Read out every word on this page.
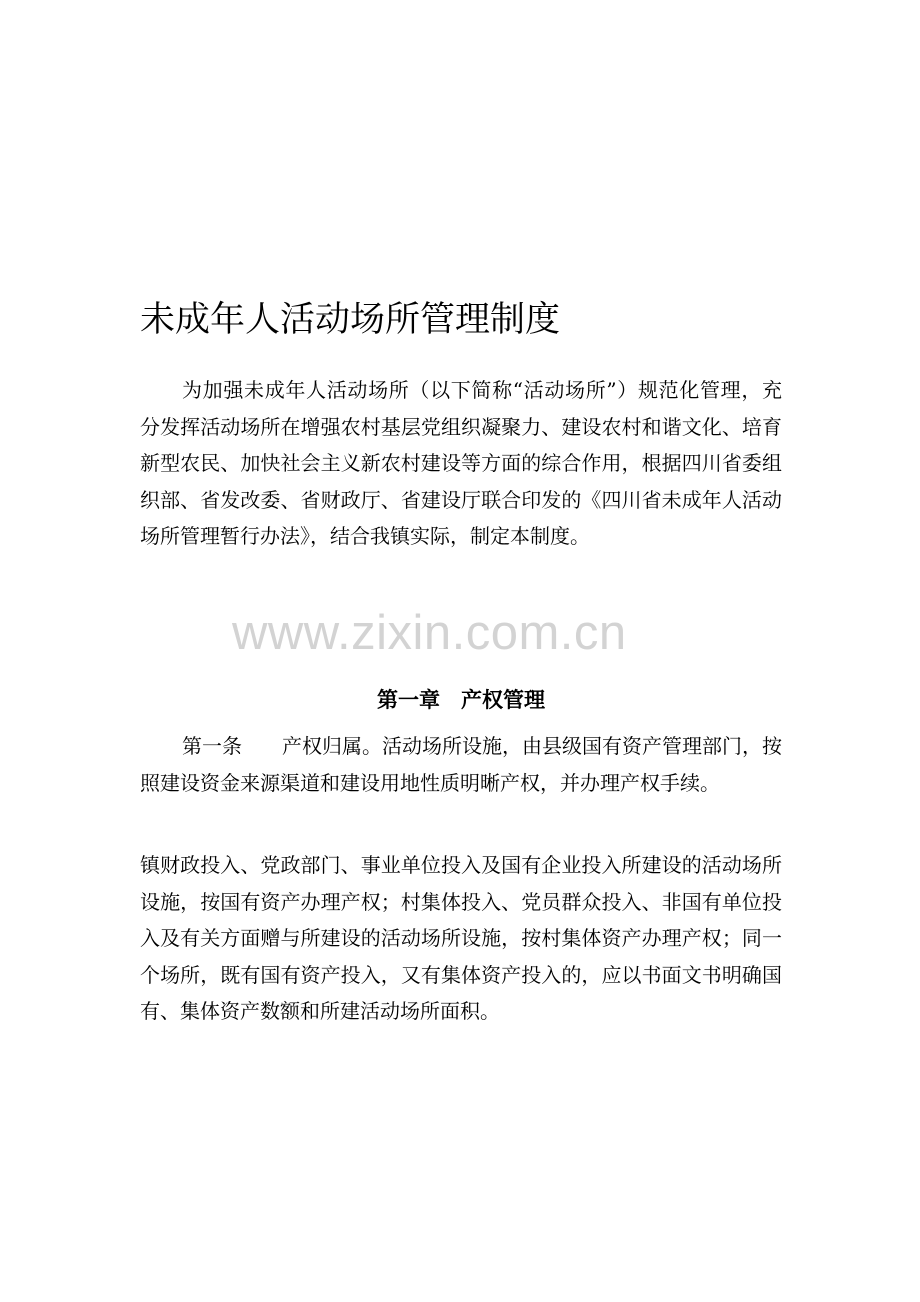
未成年人活动场所管理制度

为加强未成年人活动场所（以下简称“活动场所”）规范化管理，充分发挥活动场所在增强农村基层党组织凝聚力、建设农村和谐文化、培育新型农民、加快社会主义新农村建设等方面的综合作用，根据四川省委组织部、省发改委、省财政厅、省建设厅联合印发的《四川省未成年人活动场所管理暂行办法》，结合我镇实际，制定本制度。

www.zixin.com.cn
第一章　产权管理

第一条　　产权归属。活动场所设施，由县级国有资产管理部门，按照建设资金来源渠道和建设用地性质明晰产权，并办理产权手续。

镇财政投入、党政部门、事业单位投入及国有企业投入所建设的活动场所设施，按国有资产办理产权；村集体投入、党员群众投入、非国有单位投入及有关方面赠与所建设的活动场所设施，按村集体资产办理产权；同一个场所，既有国有资产投入，又有集体资产投入的，应以书面文书明确国有、集体资产数额和所建活动场所面积。
